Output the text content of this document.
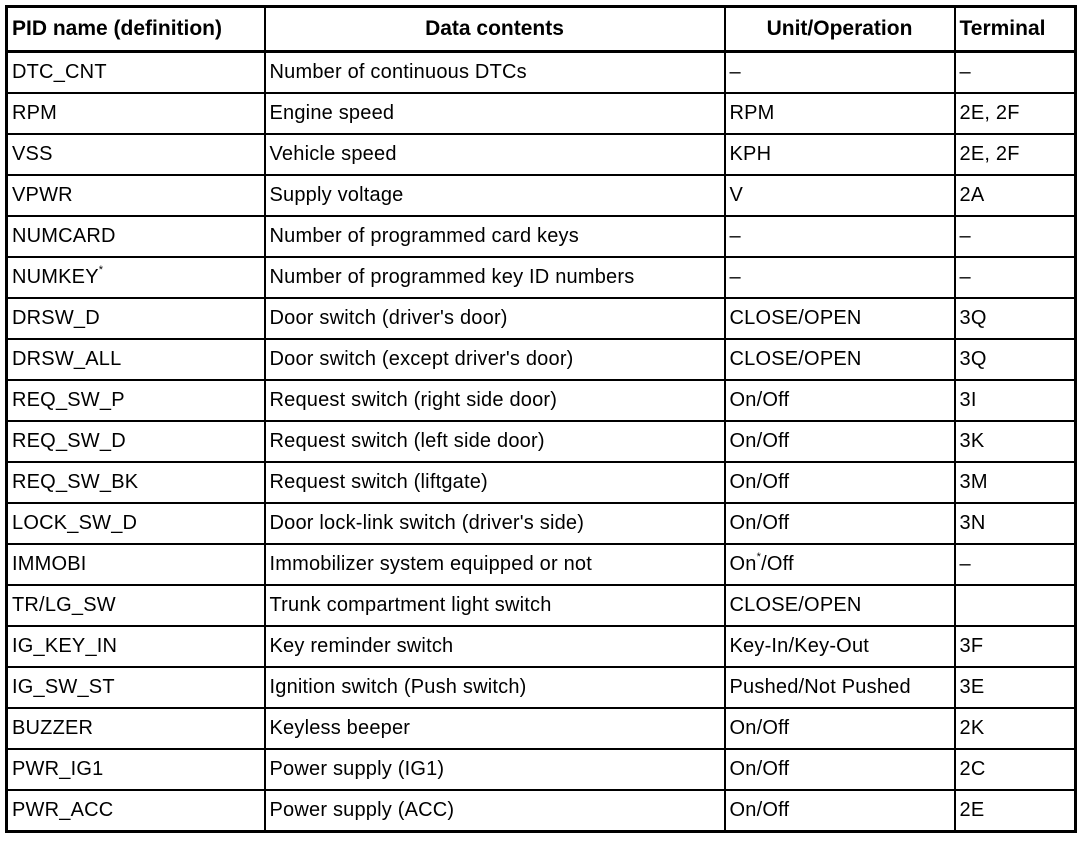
PID name (definition)	Data contents	Unit/Operation	Terminal
DTC_CNT	Number of continuous DTCs	–	–
RPM	Engine speed	RPM	2E, 2F
VSS	Vehicle speed	KPH	2E, 2F
VPWR	Supply voltage	V	2A
NUMCARD	Number of programmed card keys	–	–
NUMKEY*	Number of programmed key ID numbers	–	–
DRSW_D	Door switch (driver's door)	CLOSE/OPEN	3Q
DRSW_ALL	Door switch (except driver's door)	CLOSE/OPEN	3Q
REQ_SW_P	Request switch (right side door)	On/Off	3I
REQ_SW_D	Request switch (left side door)	On/Off	3K
REQ_SW_BK	Request switch (liftgate)	On/Off	3M
LOCK_SW_D	Door lock-link switch (driver's side)	On/Off	3N
IMMOBI	Immobilizer system equipped or not	On*/Off	–
TR/LG_SW	Trunk compartment light switch	CLOSE/OPEN	
IG_KEY_IN	Key reminder switch	Key-In/Key-Out	3F
IG_SW_ST	Ignition switch (Push switch)	Pushed/Not Pushed	3E
BUZZER	Keyless beeper	On/Off	2K
PWR_IG1	Power supply (IG1)	On/Off	2C
PWR_ACC	Power supply (ACC)	On/Off	2E
